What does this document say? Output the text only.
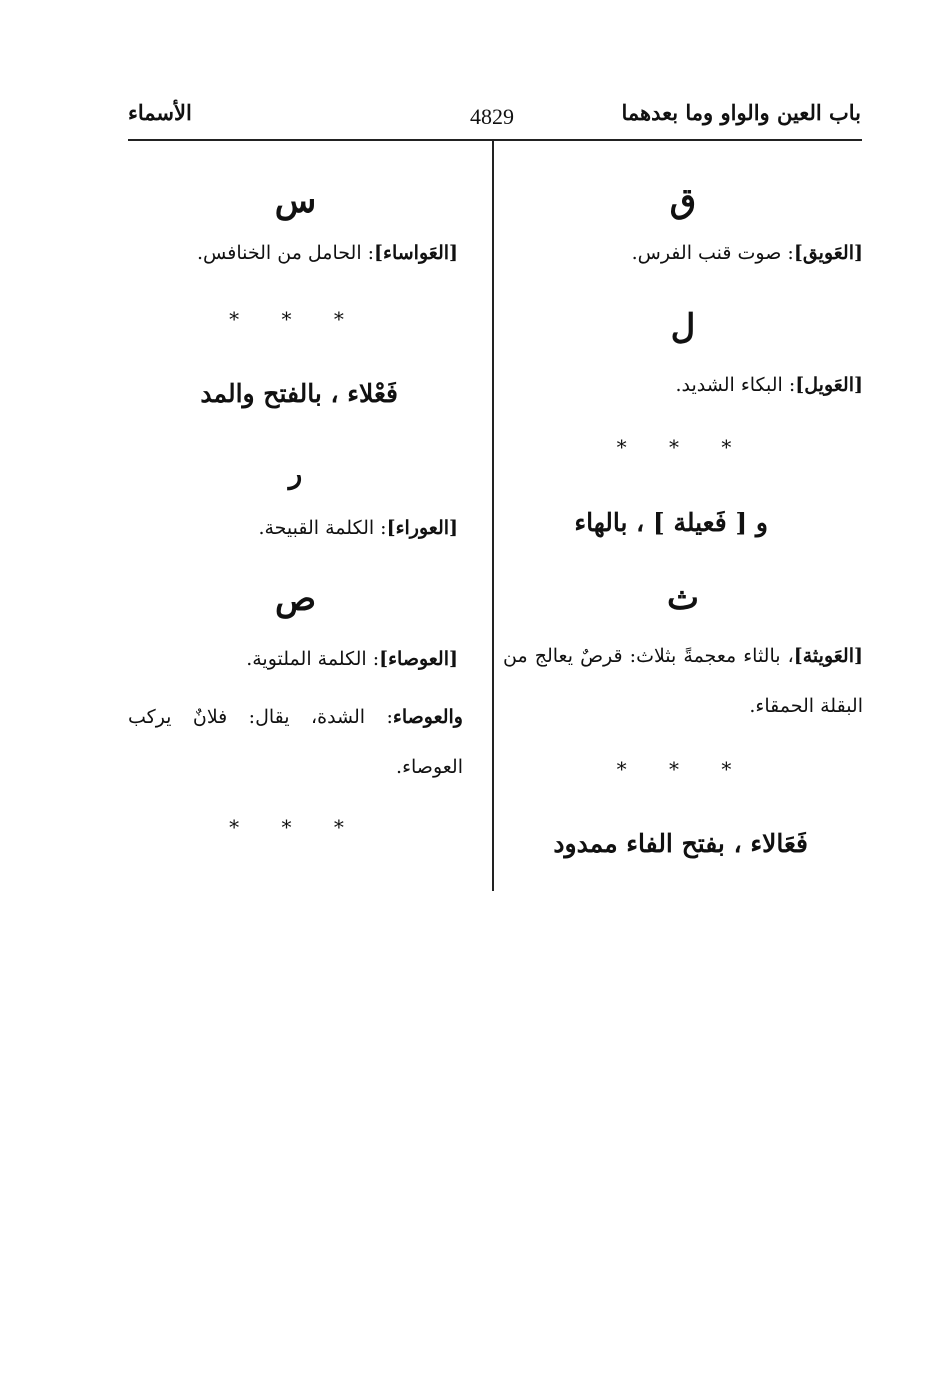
باب العين والواو وما بعدهما
4829
الأسماء
ق
[العَويق]: صوت قنب الفرس.
ل
[العَويل]: البكاء الشديد.
* * *
و [ فَعيلة ] ، بالهاء
ث
[العَويثة]، بالثاء معجمةً بثلاث: قرصٌ يعالج من البقلة الحمقاء.
* * *
فَعَالاء ، بفتح الفاء ممدود
س
[العَواساء]: الحامل من الخنافس.
* * *
فَعْلاء ، بالفتح والمد
ر
[العوراء]: الكلمة القبيحة.
ص
[العوصاء]: الكلمة الملتوية.
والعوصاء: الشدة، يقال: فلانٌ يركب العوصاء.
* * *
